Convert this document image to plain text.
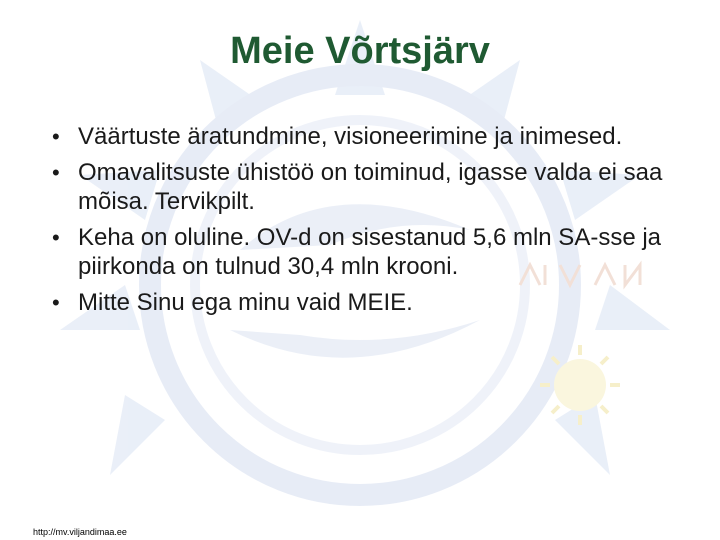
Meie Võrtsjärv
• Väärtuste äratundmine, visioneerimine ja inimesed.
• Omavalitsuste ühistöö on toiminud, igasse valda ei saa mõisa. Tervikpilt.
• Keha on oluline. OV-d on sisestanud 5,6 mln SA-sse ja piirkonda on tulnud 30,4 mln krooni.
• Mitte Sinu ega minu vaid MEIE.
http://mv.viljandimaa.ee
